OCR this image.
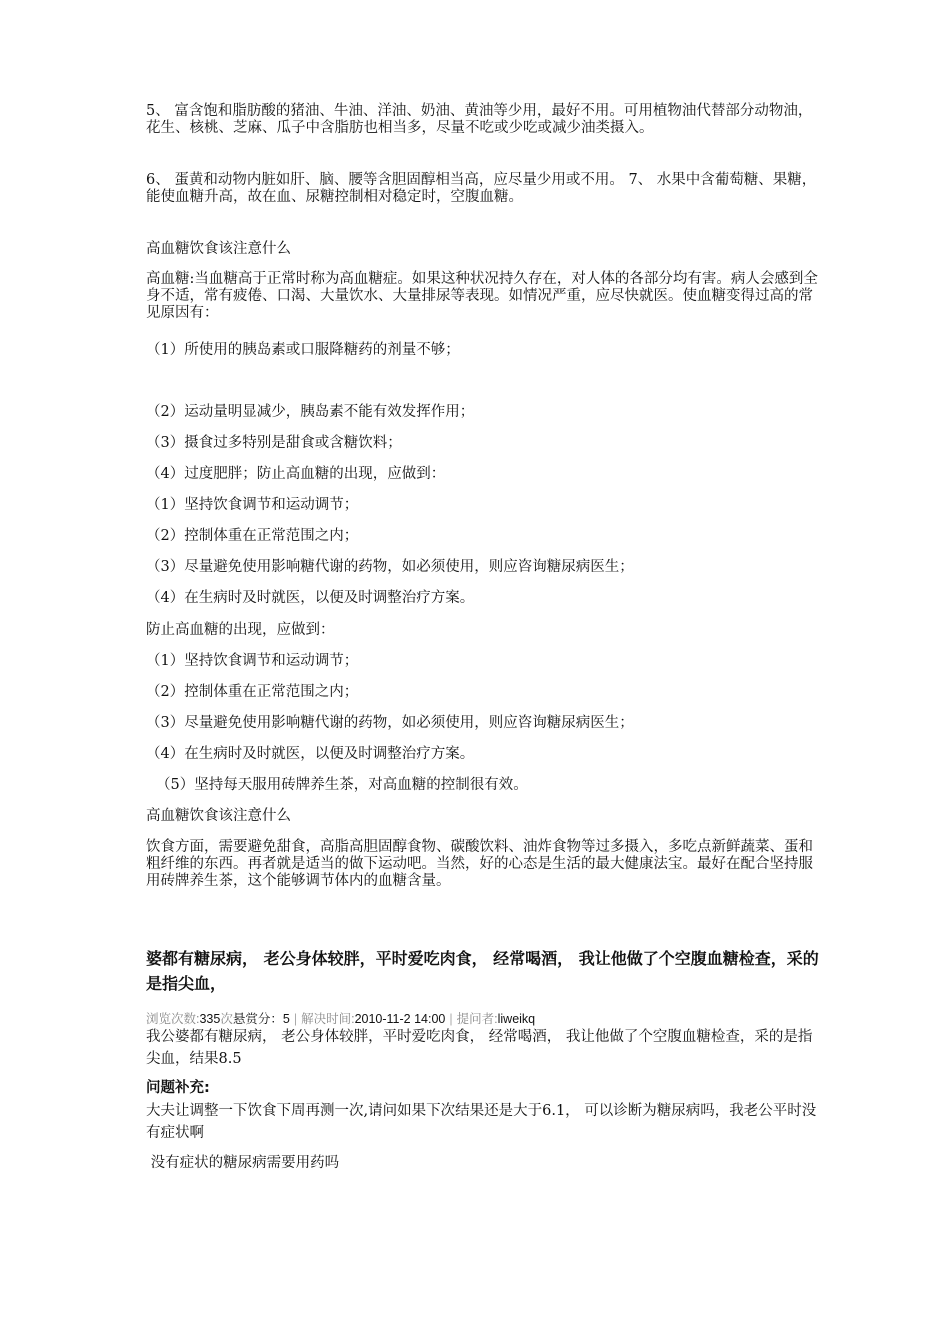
5、 富含饱和脂肪酸的猪油、牛油、洋油、奶油、黄油等少用，最好不用。可用植物油代替部分动物油，花生、核桃、芝麻、瓜子中含脂肪也相当多，尽量不吃或少吃或减少油类摄入。

6、 蛋黄和动物内脏如肝、脑、腰等含胆固醇相当高，应尽量少用或不用。 7、 水果中含葡萄糖、果糖，能使血糖升高，故在血、尿糖控制相对稳定时，空腹血糖。

高血糖饮食该注意什么

高血糖:当血糖高于正常时称为高血糖症。如果这种状况持久存在，对人体的各部分均有害。病人会感到全身不适，常有疲倦、口渴、大量饮水、大量排尿等表现。如情况严重，应尽快就医。使血糖变得过高的常见原因有：

（1）所使用的胰岛素或口服降糖药的剂量不够；

（2）运动量明显减少，胰岛素不能有效发挥作用；

（3）摄食过多特别是甜食或含糖饮料；

（4）过度肥胖；防止高血糖的出现，应做到：

（1）坚持饮食调节和运动调节；

（2）控制体重在正常范围之内；

（3）尽量避免使用影响糖代谢的药物，如必须使用，则应咨询糖尿病医生；

（4）在生病时及时就医，以便及时调整治疗方案。

防止高血糖的出现，应做到：

（1）坚持饮食调节和运动调节；

（2）控制体重在正常范围之内；

（3）尽量避免使用影响糖代谢的药物，如必须使用，则应咨询糖尿病医生；

（4）在生病时及时就医，以便及时调整治疗方案。

（5）坚持每天服用砖牌养生茶，对高血糖的控制很有效。

高血糖饮食该注意什么

饮食方面，需要避免甜食，高脂高胆固醇食物、碳酸饮料、油炸食物等过多摄入，多吃点新鲜蔬菜、蛋和粗纤维的东西。再者就是适当的做下运动吧。当然，好的心态是生活的最大健康法宝。最好在配合坚持服用砖牌养生茶，这个能够调节体内的血糖含量。

婆都有糖尿病， 老公身体较胖，平时爱吃肉食， 经常喝酒， 我让他做了个空腹血糖检查，采的是指尖血，
浏览次数:335次悬赏分：5 | 解决时间:2010-11-2 14:00 | 提问者:liweikq

我公婆都有糖尿病， 老公身体较胖，平时爱吃肉食， 经常喝酒， 我让他做了个空腹血糖检查，采的是指尖血，结果8.5

问题补充:

大夫让调整一下饮食下周再测一次,请问如果下次结果还是大于6.1， 可以诊断为糖尿病吗，我老公平时没有症状啊

没有症状的糖尿病需要用药吗
